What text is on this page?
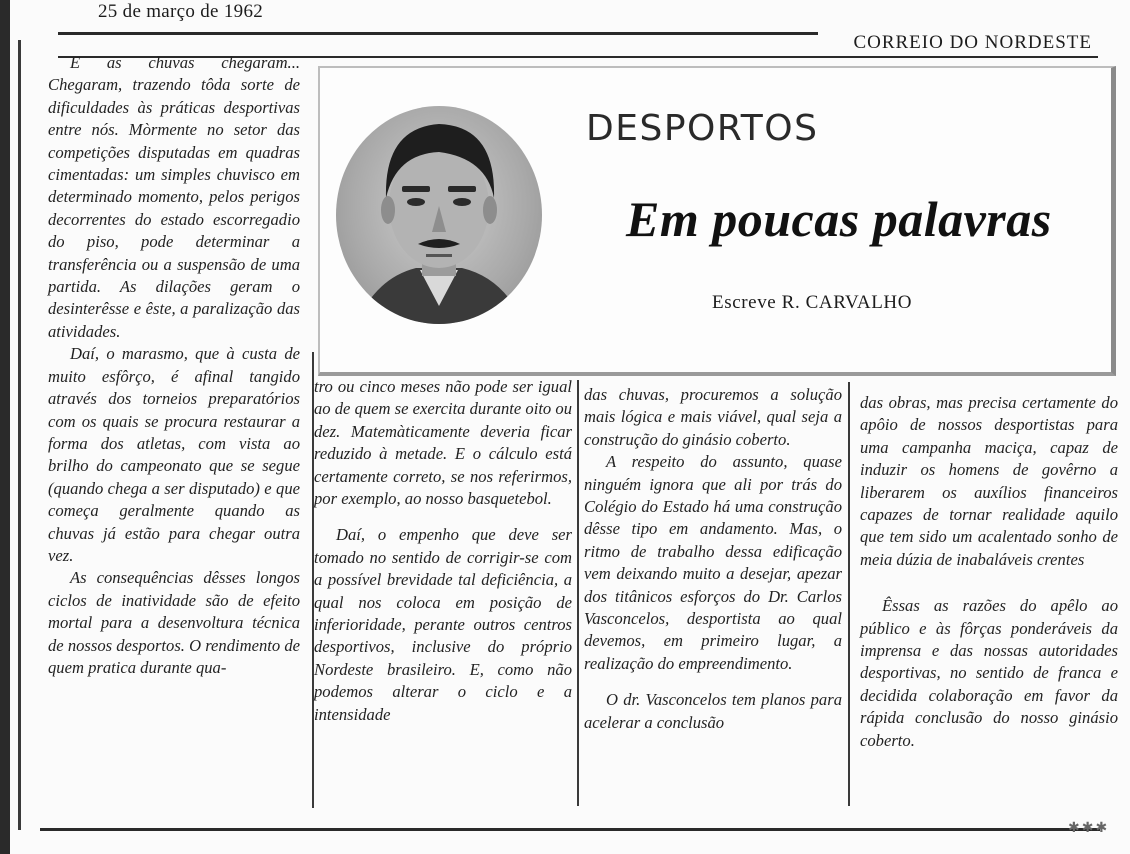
25 de março de 1962
CORREIO DO NORDESTE
DESPORTOS
Em poucas palavras
Escreve R. CARVALHO

E as chuvas chegaram... Chegaram, trazendo tôda sorte de dificuldades às práticas desportivas entre nós. Mòrmente no setor das competições disputadas em quadras cimentadas: um simples chuvisco em determinado momento, pelos perigos decorrentes do estado escorregadio do piso, pode determinar a transferência ou a suspensão de uma partida. As dilações geram o desinterêsse e êste, a paralização das atividades.

Daí, o marasmo, que à custa de muito esfôrço, é afinal tangido através dos torneios preparatórios com os quais se procura restaurar a forma dos atletas, com vista ao brilho do campeonato que se segue (quando chega a ser disputado) e que começa geralmente quando as chuvas já estão para chegar outra vez.

As consequências dêsses longos ciclos de inatividade são de efeito mortal para a desenvoltura técnica de nossos desportos. O rendimento de quem pratica durante qua-

tro ou cinco meses não pode ser igual ao de quem se exercita durante oito ou dez. Matemàticamente deveria ficar reduzido à metade. E o cálculo está certamente correto, se nos referirmos, por exemplo, ao nosso basquetebol.

Daí, o empenho que deve ser tomado no sentido de corrigir-se com a possível brevidade tal deficiência, a qual nos coloca em posição de inferioridade, perante outros centros desportivos, inclusive do próprio Nordeste brasileiro. E, como não podemos alterar o ciclo e a intensidade

das chuvas, procuremos a solução mais lógica e mais viável, qual seja a construção do ginásio coberto.

A respeito do assunto, quase ninguém ignora que ali por trás do Colégio do Estado há uma construção dêsse tipo em andamento. Mas, o ritmo de trabalho dessa edificação vem deixando muito a desejar, apezar dos titânicos esforços do Dr. Carlos Vasconcelos, desportista ao qual devemos, em primeiro lugar, a realização do empreendimento.

O dr. Vasconcelos tem planos para acelerar a conclusão

das obras, mas precisa certamente do apôio de nossos desportistas para uma campanha maciça, capaz de induzir os homens de govêrno a liberarem os auxílios financeiros capazes de tornar realidade aquilo que tem sido um acalentado sonho de meia dúzia de inabaláveis crentes

Êssas as razões do apêlo ao público e às fôrças ponderáveis da imprensa e das nossas autoridades desportivas, no sentido de franca e decidida colaboração em favor da rápida conclusão do nosso ginásio coberto.

✱✱✱
